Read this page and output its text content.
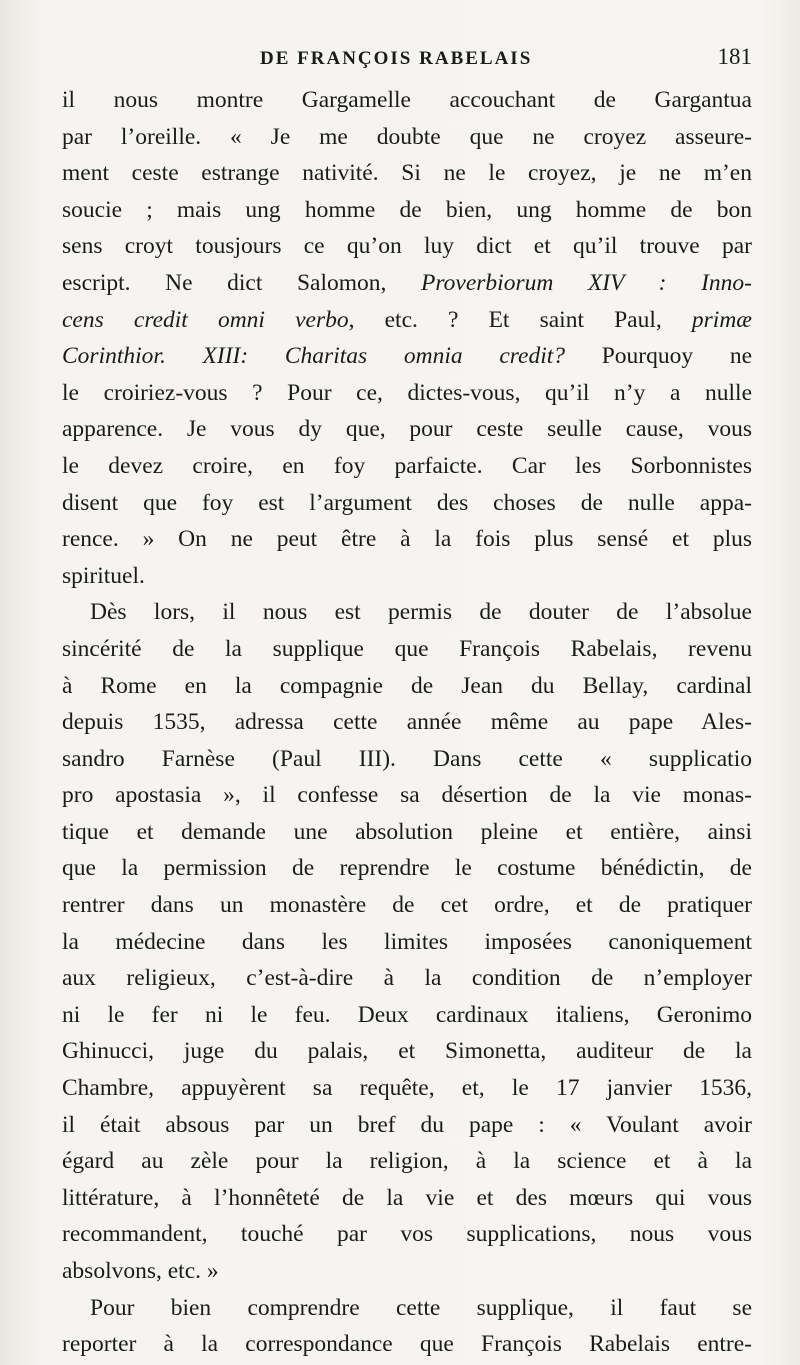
DE FRANÇOIS RABELAIS	181
il nous montre Gargamelle accouchant de Gargantua
par l’oreille. « Je me doubte que ne croyez asseure-
ment ceste estrange nativité. Si ne le croyez, je ne m’en
soucie ; mais ung homme de bien, ung homme de bon
sens croyt tousjours ce qu’on luy dict et qu’il trouve par
escript. Ne dict Salomon, Proverbiorum XIV : Inno-
cens credit omni verbo, etc. ? Et saint Paul, primæ
Corinthior. XIII: Charitas omnia credit? Pourquoy ne
le croiriez-vous ? Pour ce, dictes-vous, qu’il n’y a nulle
apparence. Je vous dy que, pour ceste seulle cause, vous
le devez croire, en foy parfaicte. Car les Sorbonnistes
disent que foy est l’argument des choses de nulle appa-
rence. » On ne peut être à la fois plus sensé et plus
spirituel.
Dès lors, il nous est permis de douter de l’absolue
sincérité de la supplique que François Rabelais, revenu
à Rome en la compagnie de Jean du Bellay, cardinal
depuis 1535, adressa cette année même au pape Ales-
sandro Farnèse (Paul III). Dans cette « supplicatio
pro apostasia », il confesse sa désertion de la vie monas-
tique et demande une absolution pleine et entière, ainsi
que la permission de reprendre le costume bénédictin, de
rentrer dans un monastère de cet ordre, et de pratiquer
la médecine dans les limites imposées canoniquement
aux religieux, c’est-à-dire à la condition de n’employer
ni le fer ni le feu. Deux cardinaux italiens, Geronimo
Ghinucci, juge du palais, et Simonetta, auditeur de la
Chambre, appuyèrent sa requête, et, le 17 janvier 1536,
il était absous par un bref du pape : « Voulant avoir
égard au zèle pour la religion, à la science et à la
littérature, à l’honnêteté de la vie et des mœurs qui vous
recommandent, touché par vos supplications, nous vous
absolvons, etc. »
Pour bien comprendre cette supplique, il faut se
reporter à la correspondance que François Rabelais entre-
